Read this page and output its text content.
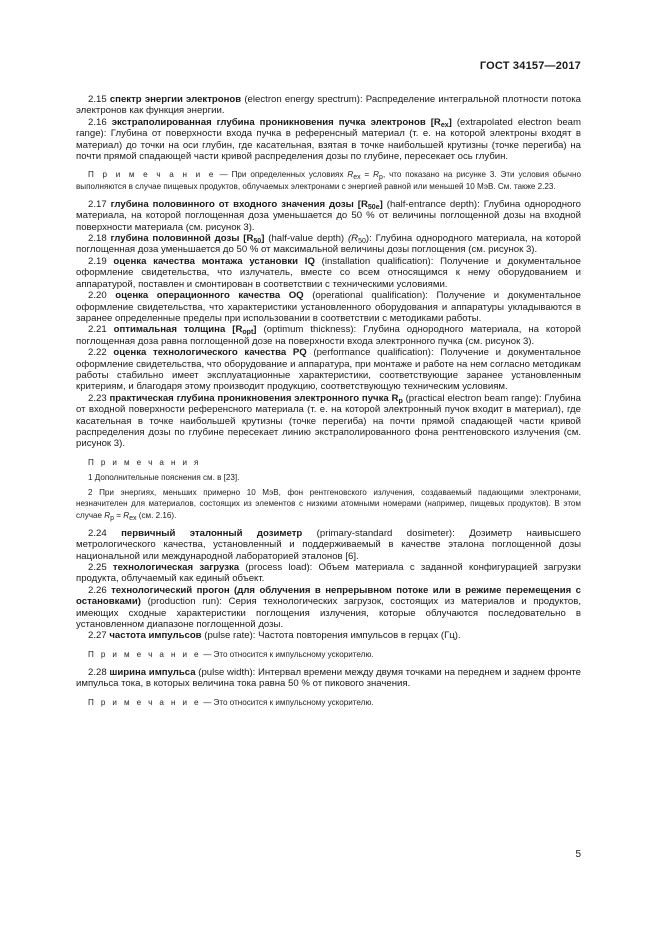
ГОСТ 34157—2017

2.15 спектр энергии электронов (electron energy spectrum): Распределение интегральной плотности потока электронов как функция энергии.

2.16 экстраполированная глубина проникновения пучка электронов $[R_{ex}]$ (extrapolated electron beam range): Глубина от поверхности входа пучка в референсный материал (т. е. на которой электроны входят в материал) до точки на оси глубин, где касательная, взятая в точке наибольшей крутизны (точке перегиба) на почти прямой спадающей части кривой распределения дозы по глубине, пересекает ось глубин.

П р и м е ч а н и е — При определенных условиях $R_{ex} = R_p$, что показано на рисунке 3. Эти условия обычно выполняются в случае пищевых продуктов, облучаемых электронами с энергией равной или меньшей 10 МэВ. См. также 2.23.

2.17 глубина половинного от входного значения дозы $[R_{50e}]$ (half-entrance depth): Глубина однородного материала, на которой поглощенная доза уменьшается до 50 % от величины поглощенной дозы на входной поверхности материала (см. рисунок 3).

2.18 глубина половинной дозы $[R_{50}]$ (half-value depth) $(R_{50})$: Глубина однородного материала, на которой поглощенная доза уменьшается до 50 % от максимальной величины дозы поглощения (см. рисунок 3).

2.19 оценка качества монтажа установки IQ (installation qualification): Получение и документальное оформление свидетельства, что излучатель, вместе со всем относящимся к нему оборудованием и аппаратурой, поставлен и смонтирован в соответствии с техническими условиями.

2.20 оценка операционного качества OQ (operational qualification): Получение и документальное оформление свидетельства, что характеристики установленного оборудования и аппаратуры укладываются в заранее определенные пределы при использовании в соответствии с методиками работы.

2.21 оптимальная толщина $[R_{opt}]$ (optimum thickness): Глубина однородного материала, на которой поглощенная доза равна поглощенной дозе на поверхности входа электронного пучка (см. рисунок 3).

2.22 оценка технологического качества PQ (performance qualification): Получение и документальное оформление свидетельства, что оборудование и аппаратура, при монтаже и работе на нем согласно методикам работы стабильно имеет эксплуатационные характеристики, соответствующие заранее установленным критериям, и благодаря этому производит продукцию, соответствующую техническим условиям.

2.23 практическая глубина проникновения электронного пучка $R_p$ (practical electron beam range): Глубина от входной поверхности референсного материала (т. е. на которой электронный пучок входит в материал), где касательная в точке наибольшей крутизны (точке перегиба) на почти прямой спадающей части кривой распределения дозы по глубине пересекает линию экстраполированного фона рентгеновского излучения (см. рисунок 3).

П р и м е ч а н и я

1 Дополнительные пояснения см. в [23].

2 При энергиях, меньших примерно 10 МэВ, фон рентгеновского излучения, создаваемый падающими электронами, незначителен для материалов, состоящих из элементов с низкими атомными номерами (например, пищевых продуктов). В этом случае $R_p = R_{ex}$ (см. 2.16).

2.24 первичный эталонный дозиметр (primary-standard dosimeter): Дозиметр наивысшего метрологического качества, установленный и поддерживаемый в качестве эталона поглощенной дозы национальной или международной лабораторией эталонов [6].

2.25 технологическая загрузка (process load): Объем материала с заданной конфигурацией загрузки продукта, облучаемый как единый объект.

2.26 технологический прогон (для облучения в непрерывном потоке или в режиме перемещения с остановками) (production run): Серия технологических загрузок, состоящих из материалов и продуктов, имеющих сходные характеристики поглощения излучения, которые облучаются последовательно в установленном диапазоне поглощенной дозы.

2.27 частота импульсов (pulse rate): Частота повторения импульсов в герцах (Гц).

П р и м е ч а н и е — Это относится к импульсному ускорителю.

2.28 ширина импульса (pulse width): Интервал времени между двумя точками на переднем и заднем фронте импульса тока, в которых величина тока равна 50 % от пикового значения.

П р и м е ч а н и е — Это относится к импульсному ускорителю.

5
